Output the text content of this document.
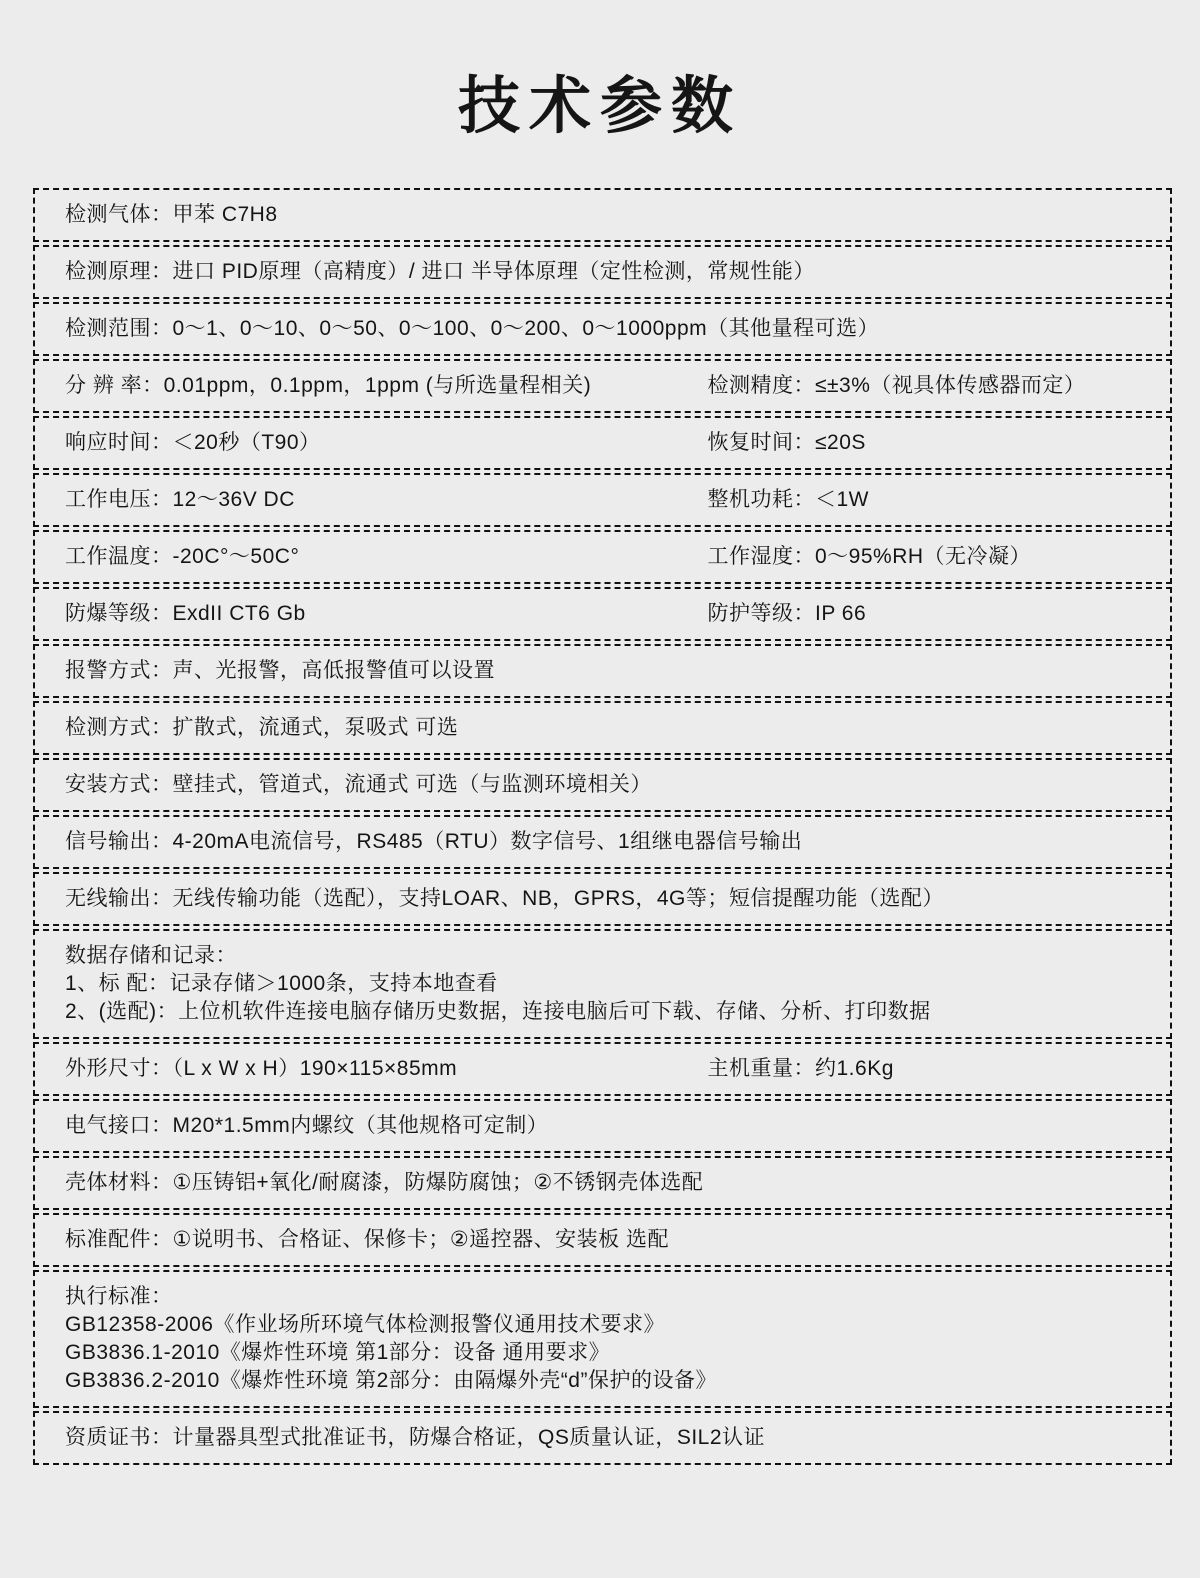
技术参数
检测气体：甲苯 C7H8
检测原理：进口 PID原理（高精度）/ 进口 半导体原理（定性检测，常规性能）
检测范围：0～1、0～10、0～50、0～100、0～200、0～1000ppm（其他量程可选）
分 辨 率：0.01ppm，0.1ppm，1ppm (与所选量程相关)	检测精度：≤±3%（视具体传感器而定）
响应时间：＜20秒（T90）	恢复时间：≤20S
工作电压：12～36V DC	整机功耗：＜1W
工作温度：-20C°～50C°	工作湿度：0～95%RH（无冷凝）
防爆等级：ExdII CT6 Gb	防护等级：IP 66
报警方式：声、光报警，高低报警值可以设置
检测方式：扩散式，流通式，泵吸式 可选
安装方式：壁挂式，管道式，流通式 可选（与监测环境相关）
信号输出：4-20mA电流信号，RS485（RTU）数字信号、1组继电器信号输出
无线输出：无线传输功能（选配），支持LOAR、NB，GPRS，4G等；短信提醒功能（选配）
数据存储和记录：
1、标 配：记录存储＞1000条，支持本地查看
2、(选配)：上位机软件连接电脑存储历史数据，连接电脑后可下载、存储、分析、打印数据
外形尺寸：（L x W x H）190×115×85mm	主机重量：约1.6Kg
电气接口：M20*1.5mm内螺纹（其他规格可定制）
壳体材料：①压铸铝+氧化/耐腐漆，防爆防腐蚀；②不锈钢壳体选配
标准配件：①说明书、合格证、保修卡；②遥控器、安装板 选配
执行标准：
GB12358-2006《作业场所环境气体检测报警仪通用技术要求》
GB3836.1-2010《爆炸性环境 第1部分：设备 通用要求》
GB3836.2-2010《爆炸性环境 第2部分：由隔爆外壳“d”保护的设备》
资质证书：计量器具型式批准证书，防爆合格证，QS质量认证，SIL2认证
